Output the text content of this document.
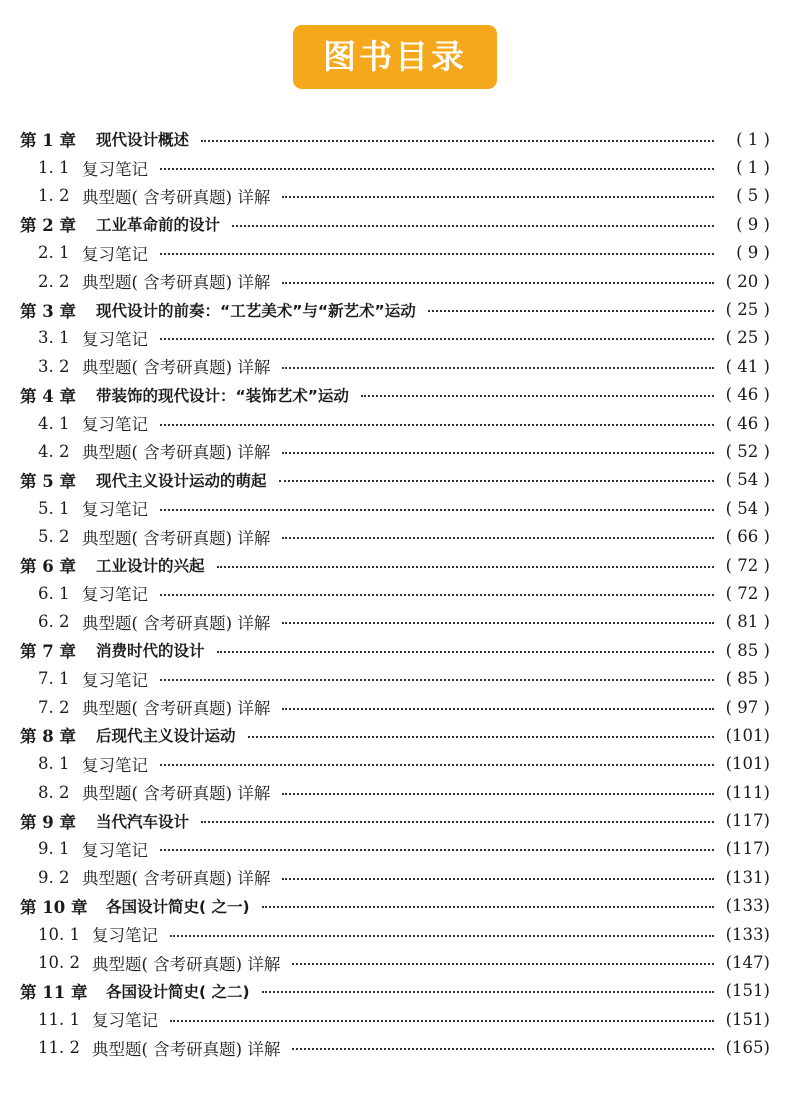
图书目录
第 1 章	现代设计概述	( 1 )
1. 1 复习笔记	( 1 )
1. 2 典型题( 含考研真题) 详解	( 5 )
第 2 章	工业革命前的设计	( 9 )
2. 1 复习笔记	( 9 )
2. 2 典型题( 含考研真题) 详解	( 20 )
第 3 章	现代设计的前奏：“工艺美术”与“新艺术”运动	( 25 )
3. 1 复习笔记	( 25 )
3. 2 典型题( 含考研真题) 详解	( 41 )
第 4 章	带装饰的现代设计：“装饰艺术”运动	( 46 )
4. 1 复习笔记	( 46 )
4. 2 典型题( 含考研真题) 详解	( 52 )
第 5 章	现代主义设计运动的萌起	( 54 )
5. 1 复习笔记	( 54 )
5. 2 典型题( 含考研真题) 详解	( 66 )
第 6 章	工业设计的兴起	( 72 )
6. 1 复习笔记	( 72 )
6. 2 典型题( 含考研真题) 详解	( 81 )
第 7 章	消费时代的设计	( 85 )
7. 1 复习笔记	( 85 )
7. 2 典型题( 含考研真题) 详解	( 97 )
第 8 章	后现代主义设计运动	(101)
8. 1 复习笔记	(101)
8. 2 典型题( 含考研真题) 详解	(111)
第 9 章	当代汽车设计	(117)
9. 1 复习笔记	(117)
9. 2 典型题( 含考研真题) 详解	(131)
第 10 章	各国设计简史( 之一)	(133)
10. 1 复习笔记	(133)
10. 2 典型题( 含考研真题) 详解	(147)
第 11 章	各国设计简史( 之二)	(151)
11. 1 复习笔记	(151)
11. 2 典型题( 含考研真题) 详解	(165)
